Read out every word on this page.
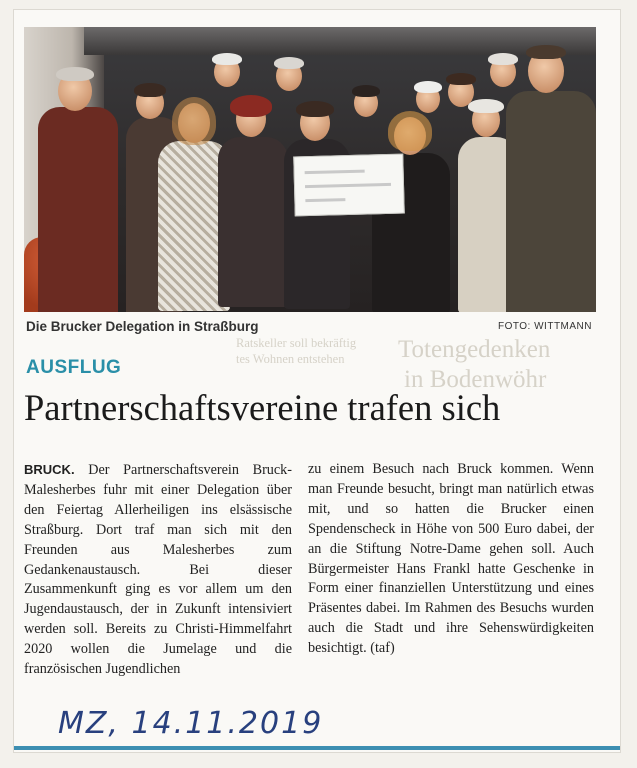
Die Brucker Delegation in Straßburg	FOTO: WITTMANN
Totengedenken
in Bodenwöhr
Ratskeller soll bekräftig
tes Wohnen entstehen
AUSFLUG
Partnerschaftsvereine trafen sich

BRUCK. Der Partnerschaftsverein Bruck-Malesherbes fuhr mit einer Delegation über den Feiertag Allerheiligen ins elsässische Straßburg. Dort traf man sich mit den Freunden aus Malesherbes zum Gedankenaustausch. Bei dieser Zusammenkunft ging es vor allem um den Jugendaustausch, der in Zukunft intensiviert werden soll. Bereits zu Christi-Himmelfahrt 2020 wollen die Jumelage und die französischen Jugendlichen

zu einem Besuch nach Bruck kommen. Wenn man Freunde besucht, bringt man natürlich etwas mit, und so hatten die Brucker einen Spendenscheck in Höhe von 500 Euro dabei, der an die Stiftung Notre-Dame gehen soll. Auch Bürgermeister Hans Frankl hatte Geschenke in Form einer finanziellen Unterstützung und eines Präsentes dabei. Im Rahmen des Besuchs wurden auch die Stadt und ihre Sehenswürdigkeiten besichtigt. (taf)

MZ, 14.11.2019
